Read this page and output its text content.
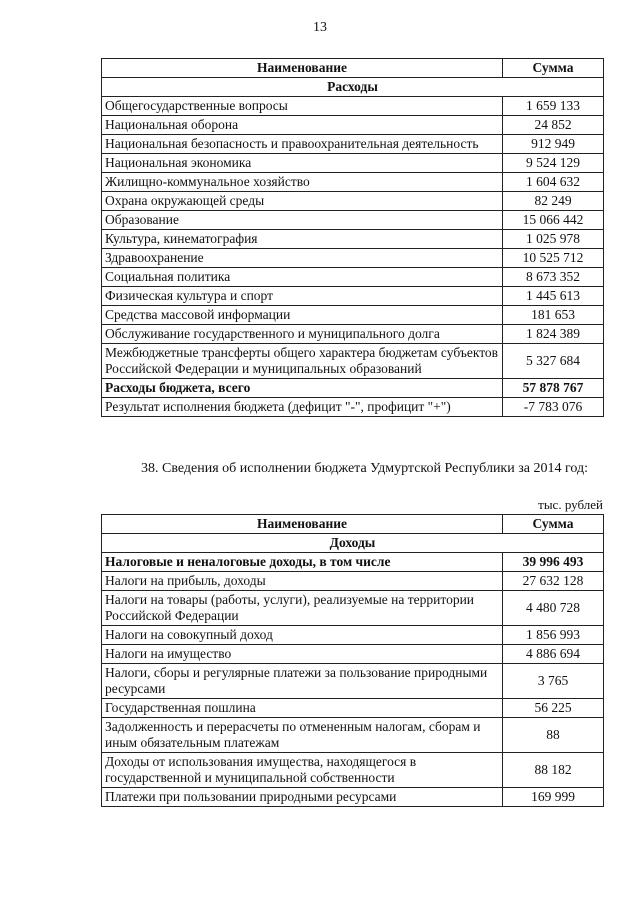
13
Наименование	Сумма
Расходы	
Общегосударственные вопросы	1 659 133
Национальная оборона	24 852
Национальная безопасность и правоохранительная деятельность	912 949
Национальная экономика	9 524 129
Жилищно-коммунальное хозяйство	1 604 632
Охрана окружающей среды	82 249
Образование	15 066 442
Культура, кинематография	1 025 978
Здравоохранение	10 525 712
Социальная политика	8 673 352
Физическая культура и спорт	1 445 613
Средства массовой информации	181 653
Обслуживание государственного и муниципального долга	1 824 389
Межбюджетные трансферты общего характера бюджетам субъектов Российской Федерации и муниципальных образований	5 327 684
Расходы бюджета, всего	57 878 767
Результат исполнения бюджета (дефицит "-", профицит "+")	-7 783 076
38. Сведения об исполнении бюджета Удмуртской Республики за 2014 год:
тыс. рублей
Наименование	Сумма
Доходы	
Налоговые и неналоговые доходы, в том числе	39 996 493
Налоги на прибыль, доходы	27 632 128
Налоги на товары (работы, услуги), реализуемые на территории Российской Федерации	4 480 728
Налоги на совокупный доход	1 856 993
Налоги на имущество	4 886 694
Налоги, сборы и регулярные платежи за пользование природными ресурсами	3 765
Государственная пошлина	56 225
Задолженность и перерасчеты по отмененным налогам, сборам и иным обязательным платежам	88
Доходы от использования имущества, находящегося в государственной и муниципальной собственности	88 182
Платежи при пользовании природными ресурсами	169 999
